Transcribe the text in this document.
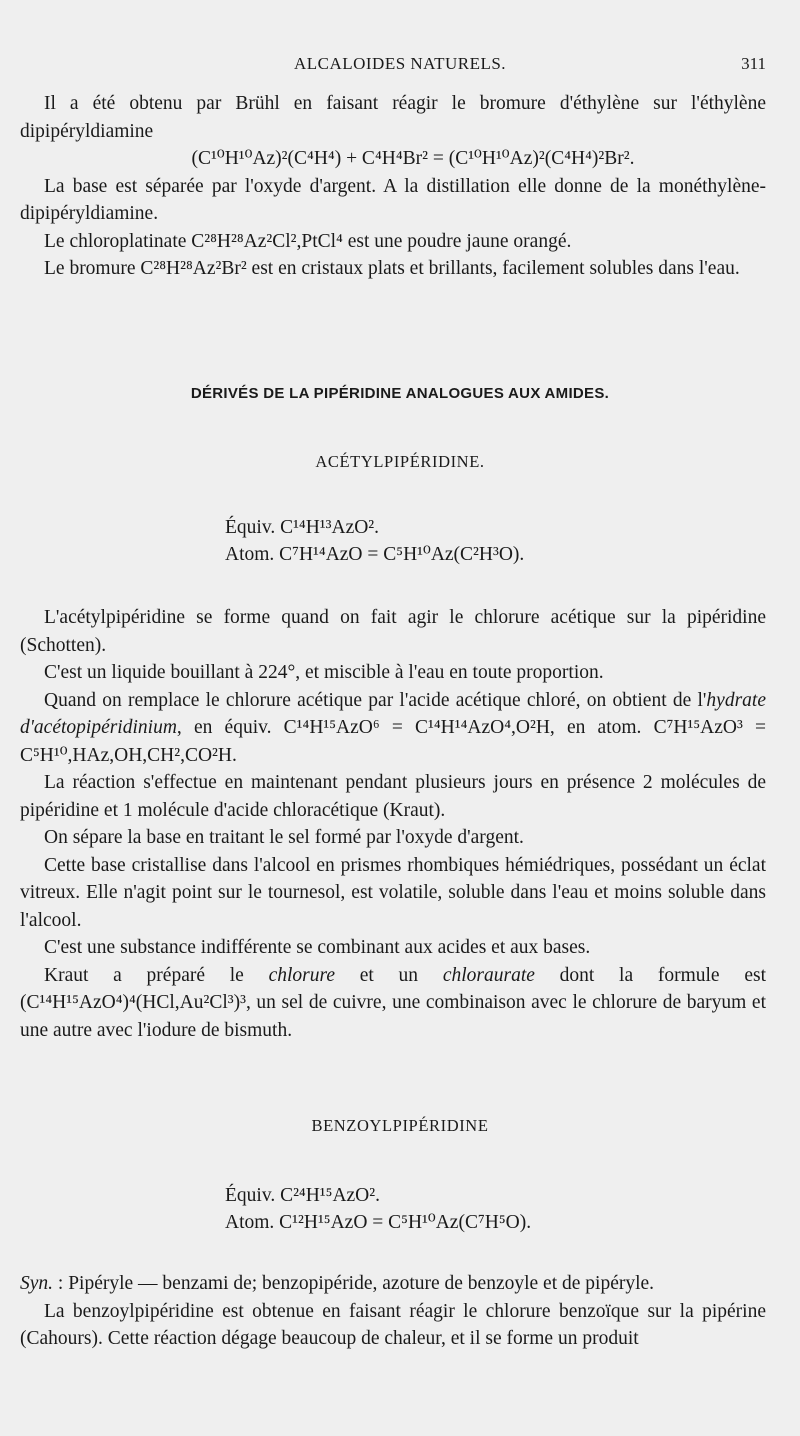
ALCALOIDES NATURELS.	311

Il a été obtenu par Brühl en faisant réagir le bromure d'éthylène sur l'éthylène dipipéryldiamine

(C¹⁰H¹⁰Az)²(C⁴H⁴) + C⁴H⁴Br² = (C¹⁰H¹⁰Az)²(C⁴H⁴)²Br².

La base est séparée par l'oxyde d'argent. A la distillation elle donne de la monéthylène-dipipéryldiamine.

Le chloroplatinate C²⁸H²⁸Az²Cl²,PtCl⁴ est une poudre jaune orangé.

Le bromure C²⁸H²⁸Az²Br² est en cristaux plats et brillants, facilement solubles dans l'eau.

DÉRIVÉS DE LA PIPÉRIDINE ANALOGUES AUX AMIDES.
ACÉTYLPIPÉRIDINE.
Équiv. C¹⁴H¹³AzO².
Atom. C⁷H¹⁴AzO = C⁵H¹⁰Az(C²H³O).

L'acétylpipéridine se forme quand on fait agir le chlorure acétique sur la pipéridine (Schotten).

C'est un liquide bouillant à 224°, et miscible à l'eau en toute proportion.

Quand on remplace le chlorure acétique par l'acide acétique chloré, on obtient de l'hydrate d'acétopipéridinium, en équiv. C¹⁴H¹⁵AzO⁶ = C¹⁴H¹⁴AzO⁴,O²H, en atom. C⁷H¹⁵AzO³ = C⁵H¹⁰,HAz,OH,CH²,CO²H.

La réaction s'effectue en maintenant pendant plusieurs jours en présence 2 molécules de pipéridine et 1 molécule d'acide chloracétique (Kraut).

On sépare la base en traitant le sel formé par l'oxyde d'argent.

Cette base cristallise dans l'alcool en prismes rhombiques hémiédriques, possédant un éclat vitreux. Elle n'agit point sur le tournesol, est volatile, soluble dans l'eau et moins soluble dans l'alcool.

C'est une substance indifférente se combinant aux acides et aux bases.

Kraut a préparé le chlorure et un chloraurate dont la formule est (C¹⁴H¹⁵AzO⁴)⁴(HCl,Au²Cl³)³, un sel de cuivre, une combinaison avec le chlorure de baryum et une autre avec l'iodure de bismuth.

BENZOYLPIPÉRIDINE
Équiv. C²⁴H¹⁵AzO².
Atom. C¹²H¹⁵AzO = C⁵H¹⁰Az(C⁷H⁵O).

Syn. : Pipéryle — benzami de; benzopipéride, azoture de benzoyle et de pipéryle.

La benzoylpipéridine est obtenue en faisant réagir le chlorure benzoïque sur la pipérine (Cahours). Cette réaction dégage beaucoup de chaleur, et il se forme un produit
